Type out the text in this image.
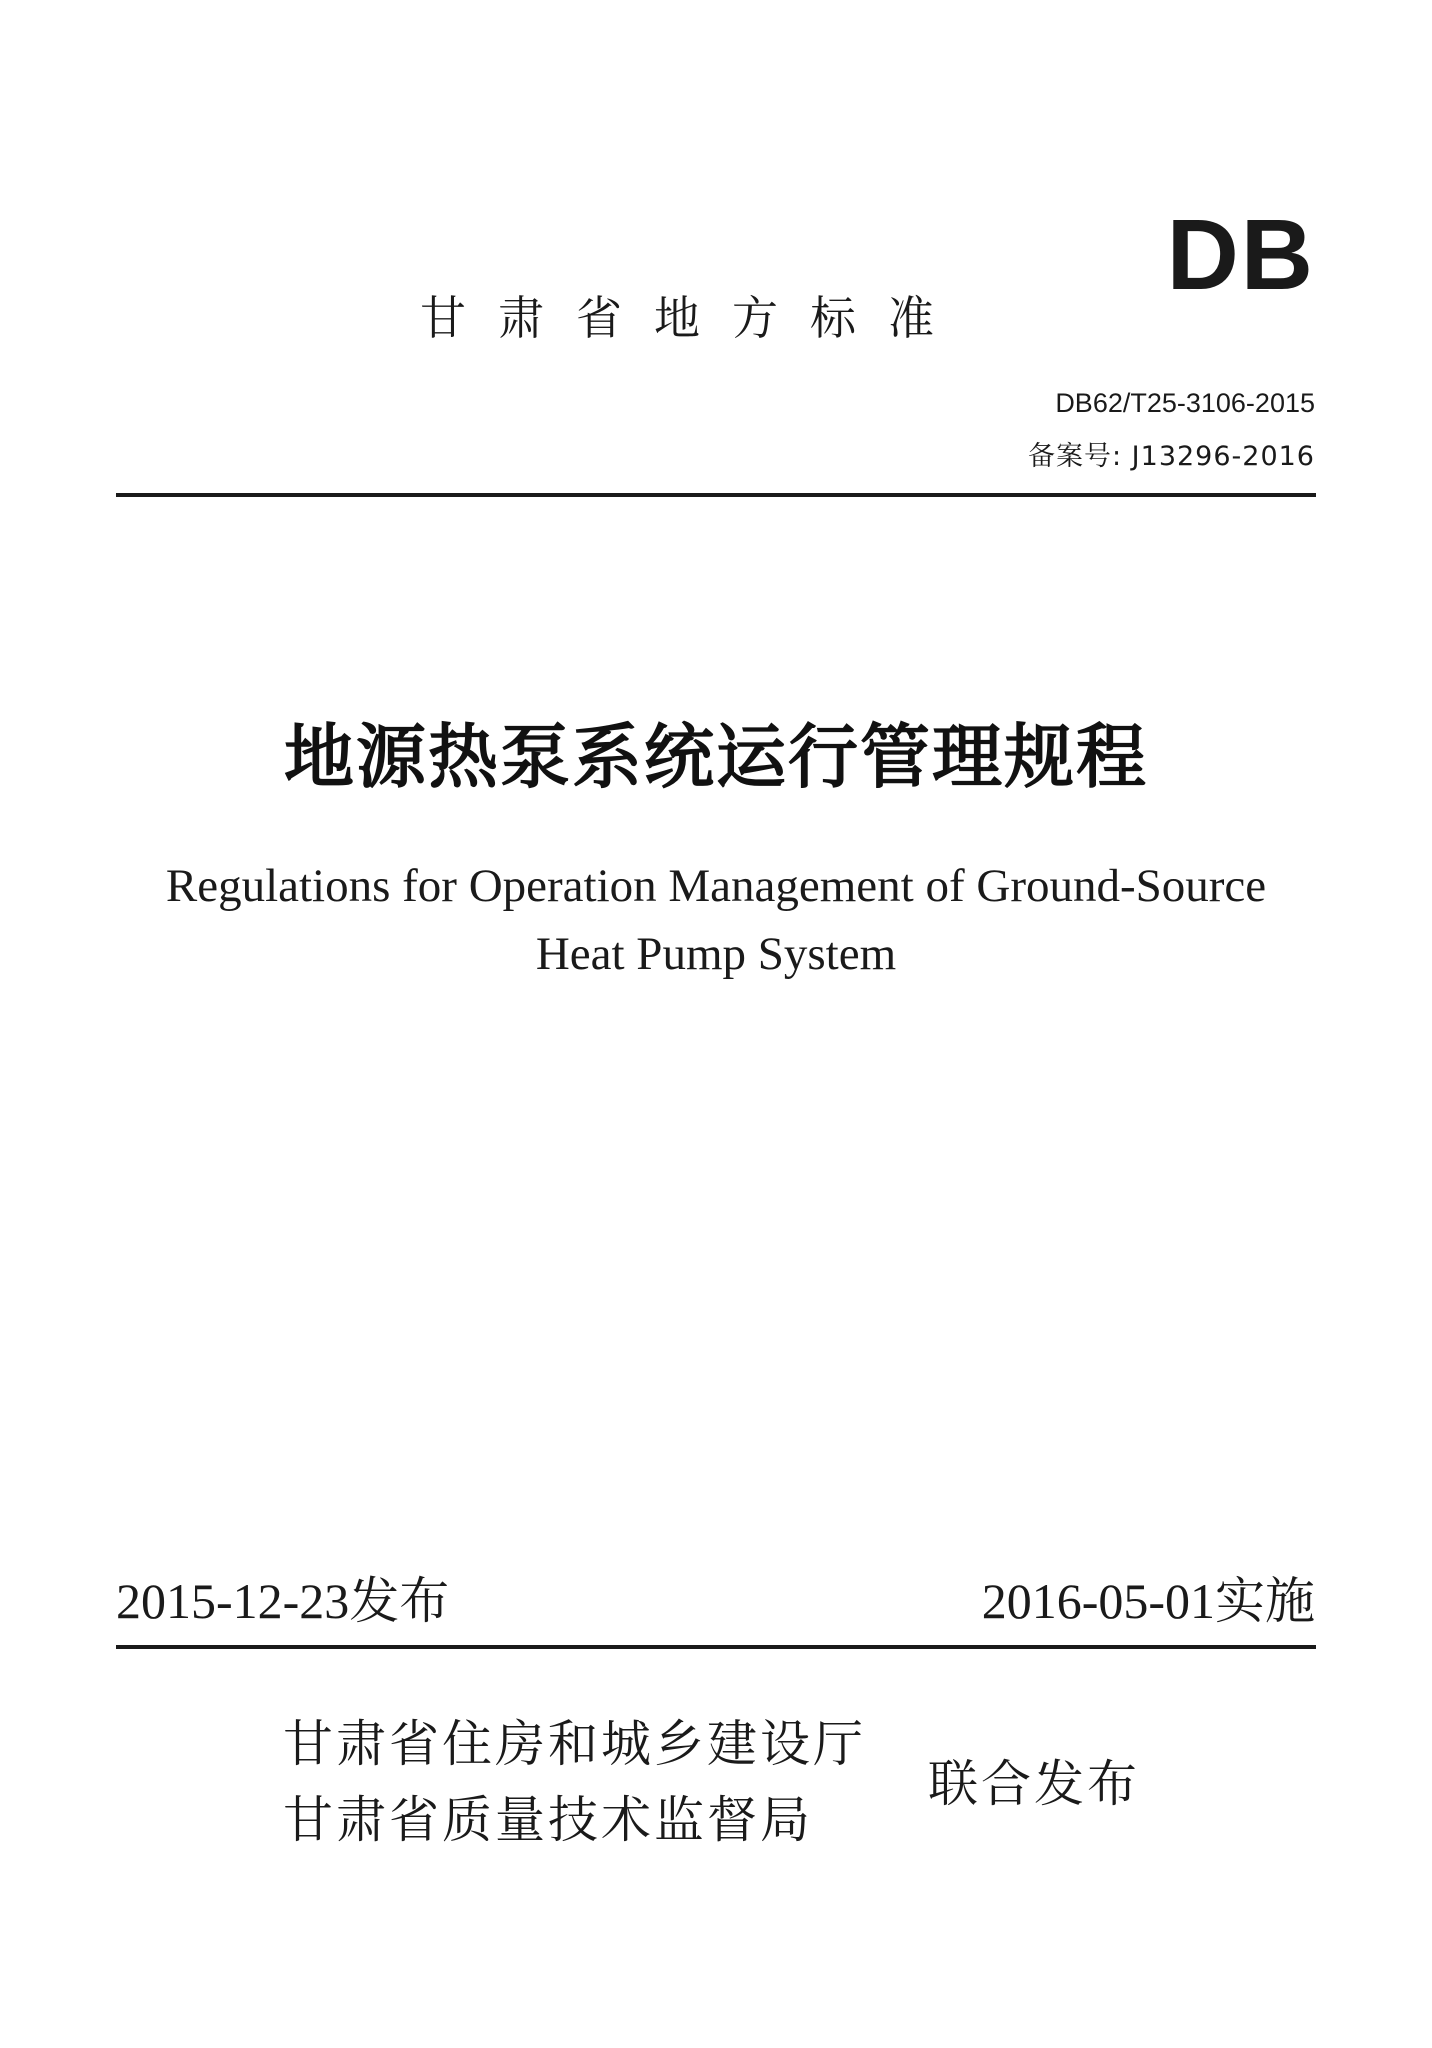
DB
甘肃省地方标准
DB62/T25-3106-2015
备案号: J13296-2016
地源热泵系统运行管理规程
Regulations for Operation Management of Ground-Source
Heat Pump System
2015-12-23发布	2016-05-01实施
甘肃省住房和城乡建设厅
甘肃省质量技术监督局
联合发布
